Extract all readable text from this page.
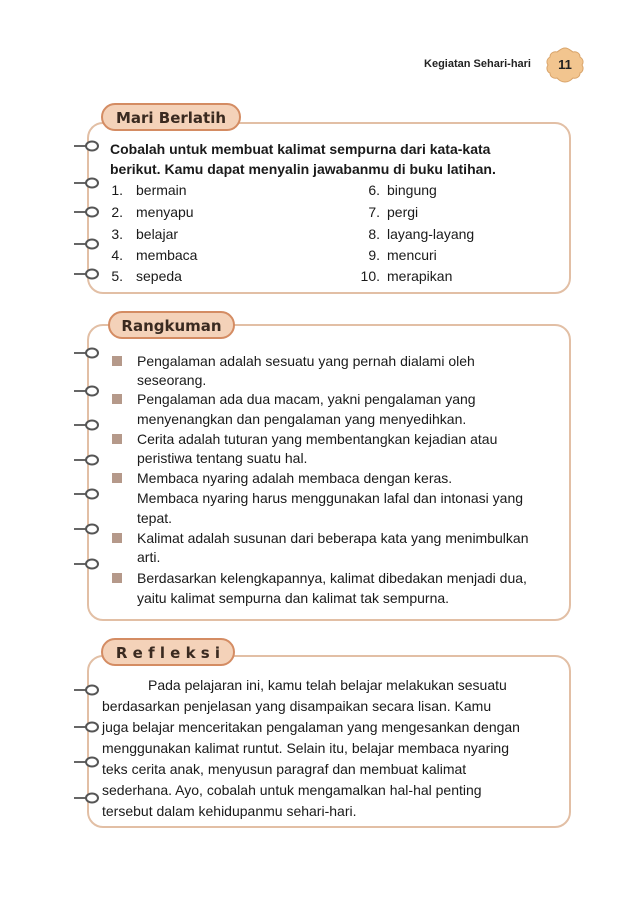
Kegiatan Sehari-hari	11
Mari Berlatih
Cobalah untuk membuat kalimat sempurna dari kata-kata
berikut. Kamu dapat menyalin jawabanmu di buku latihan.
1. bermain	6. bingung
2. menyapu	7. pergi
3. belajar	8. layang-layang
4. membaca	9. mencuri
5. sepeda	10. merapikan
Rangkuman
Pengalaman adalah sesuatu yang pernah dialami oleh
seseorang.
Pengalaman ada dua macam, yakni pengalaman yang
menyenangkan dan pengalaman yang menyedihkan.
Cerita adalah tuturan yang membentangkan kejadian atau
peristiwa tentang suatu hal.
Membaca nyaring adalah membaca dengan keras.
Membaca nyaring harus menggunakan lafal dan intonasi yang
tepat.
Kalimat adalah susunan dari beberapa kata yang menimbulkan
arti.
Berdasarkan kelengkapannya, kalimat dibedakan menjadi dua,
yaitu kalimat sempurna dan kalimat tak sempurna.
R e f l e k s i
Pada pelajaran ini, kamu telah belajar melakukan sesuatu
berdasarkan penjelasan yang disampaikan secara lisan. Kamu
juga belajar menceritakan pengalaman yang mengesankan dengan
menggunakan kalimat runtut. Selain itu, belajar membaca nyaring
teks cerita anak, menyusun paragraf dan membuat kalimat
sederhana. Ayo, cobalah untuk mengamalkan hal-hal penting
tersebut dalam kehidupanmu sehari-hari.
